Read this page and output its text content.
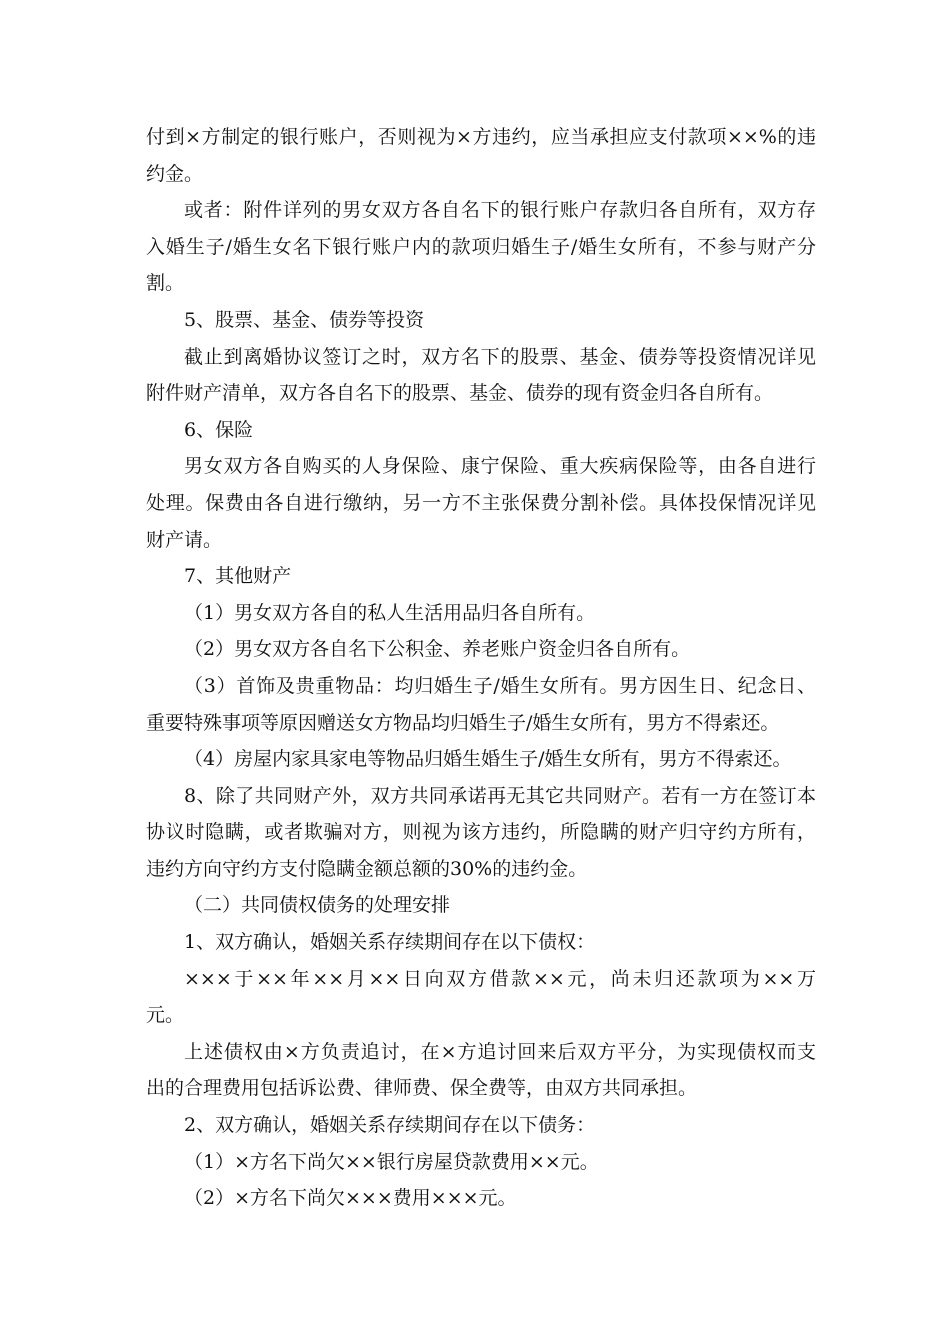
付到×方制定的银行账户，否则视为×方违约，应当承担应支付款项××%的违
约金。
或者：附件详列的男女双方各自名下的银行账户存款归各自所有，双方存
入婚生子/婚生女名下银行账户内的款项归婚生子/婚生女所有，不参与财产分
割。
5、股票、基金、债券等投资
截止到离婚协议签订之时，双方名下的股票、基金、债券等投资情况详见
附件财产清单，双方各自名下的股票、基金、债券的现有资金归各自所有。
6、保险
男女双方各自购买的人身保险、康宁保险、重大疾病保险等，由各自进行
处理。保费由各自进行缴纳，另一方不主张保费分割补偿。具体投保情况详见
财产请。
7、其他财产
（1）男女双方各自的私人生活用品归各自所有。
（2）男女双方各自名下公积金、养老账户资金归各自所有。
（3）首饰及贵重物品：均归婚生子/婚生女所有。男方因生日、纪念日、
重要特殊事项等原因赠送女方物品均归婚生子/婚生女所有，男方不得索还。
（4）房屋内家具家电等物品归婚生婚生子/婚生女所有，男方不得索还。
8、除了共同财产外，双方共同承诺再无其它共同财产。若有一方在签订本
协议时隐瞒，或者欺骗对方，则视为该方违约，所隐瞒的财产归守约方所有，
违约方向守约方支付隐瞒金额总额的30%的违约金。
（二）共同债权债务的处理安排
1、双方确认，婚姻关系存续期间存在以下债权：
×××于××年××月××日向双方借款××元，尚未归还款项为××万
元。
上述债权由×方负责追讨，在×方追讨回来后双方平分，为实现债权而支
出的合理费用包括诉讼费、律师费、保全费等，由双方共同承担。
2、双方确认，婚姻关系存续期间存在以下债务：
（1）×方名下尚欠××银行房屋贷款费用××元。
（2）×方名下尚欠×××费用×××元。
